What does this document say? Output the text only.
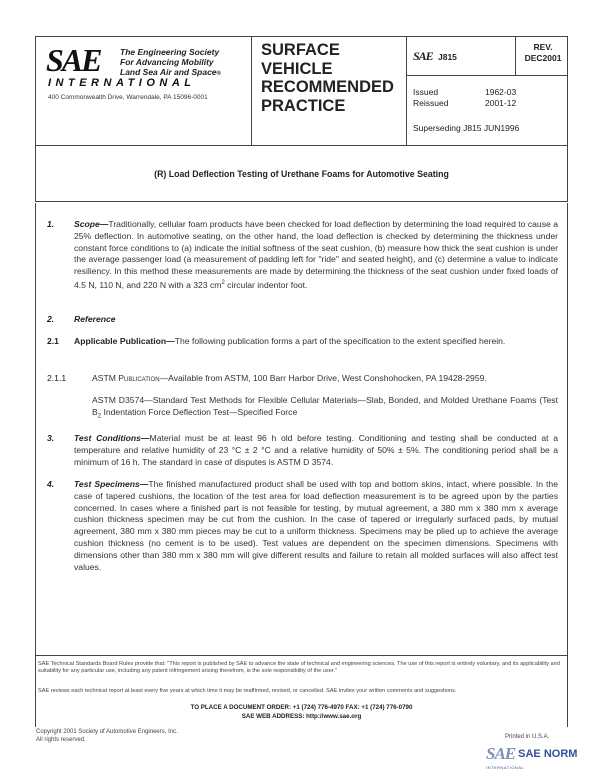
SAE The Engineering Society
For Advancing Mobility
Land Sea Air and Space®
INTERNATIONAL
400 Commonwealth Drive, Warrendale, PA 15096-0001
SURFACE
VEHICLE
RECOMMENDED
PRACTICE
SAE J815
REV.
DEC2001
Issued	1962-03
Reissued	2001-12
Superseding J815 JUN1996
(R) Load Deflection Testing of Urethane Foams for Automotive Seating
1. Scope—Traditionally, cellular foam products have been checked for load deflection by determining the load required to cause a 25% deflection. In automotive seating, on the other hand, the load deflection is checked by determining the thickness under constant force conditions to (a) indicate the initial softness of the seat cushion, (b) measure how thick the seat cushion is under the average passenger load (a measurement of padding left for "ride" and seated height), and (c) determine a value to indicate resiliency. In this method these measurements are made by determining the thickness of the seat cushion under fixed loads of 4.5 N, 110 N, and 220 N with a 323 $cm^2$ circular indentor foot.
2. Reference
2.1 Applicable Publication—The following publication forms a part of the specification to the extent specified herein.
2.1.1	ASTM Publication—Available from ASTM, 100 Barr Harbor Drive, West Conshohocken, PA 19428-2959.
ASTM D3574—Standard Test Methods for Flexible Cellular Materials—Slab, Bonded, and Molded Urethane Foams (Test $B_2$ Indentation Force Deflection Test—Specified Force
3. Test Conditions—Material must be at least 96 h old before testing. Conditioning and testing shall be conducted at a temperature and relative humidity of 23 °C ± 2 °C and a relative humidity of 50% ± 5%. The conditioning period shall be a minimum of 16 h. The standard in case of disputes is ASTM D 3574.
4. Test Specimens—The finished manufactured product shall be used with top and bottom skins, intact, where possible. In the case of tapered cushions, the location of the test area for load deflection measurement is to be agreed upon by the parties concerned. In cases where a finished part is not feasible for testing, by mutual agreement, a 380 mm x 380 mm x average cushion thickness specimen may be cut from the cushion. In the case of tapered or irregularly surfaced pads, by mutual agreement, 380 mm x 380 mm pieces may be cut to a uniform thickness. Specimens may be plied up to achieve the average cushion thickness (no cement is to be used). Test values are dependent on the specimen dimensions. Specimens with dimensions other than 380 mm x 380 mm will give different results and failure to retain all molded surfaces will also affect test values.
SAE Technical Standards Board Rules provide that: "This report is published by SAE to advance the state of technical and engineering sciences. The use of this report is entirely voluntary, and its applicability and suitability for any particular use, including any patent infringement arising therefrom, is the sole responsibility of the user."
SAE reviews each technical report at least every five years at which time it may be reaffirmed, revised, or cancelled. SAE invites your written comments and suggestions.
TO PLACE A DOCUMENT ORDER: +1 (724) 776-4970 FAX: +1 (724) 776-0790
SAE WEB ADDRESS: http://www.sae.org
Copyright 2001 Society of Automotive Engineers, Inc.
All rights reserved.	Printed in U.S.A.
SAE SAE NORM
INTERNATIONAL
